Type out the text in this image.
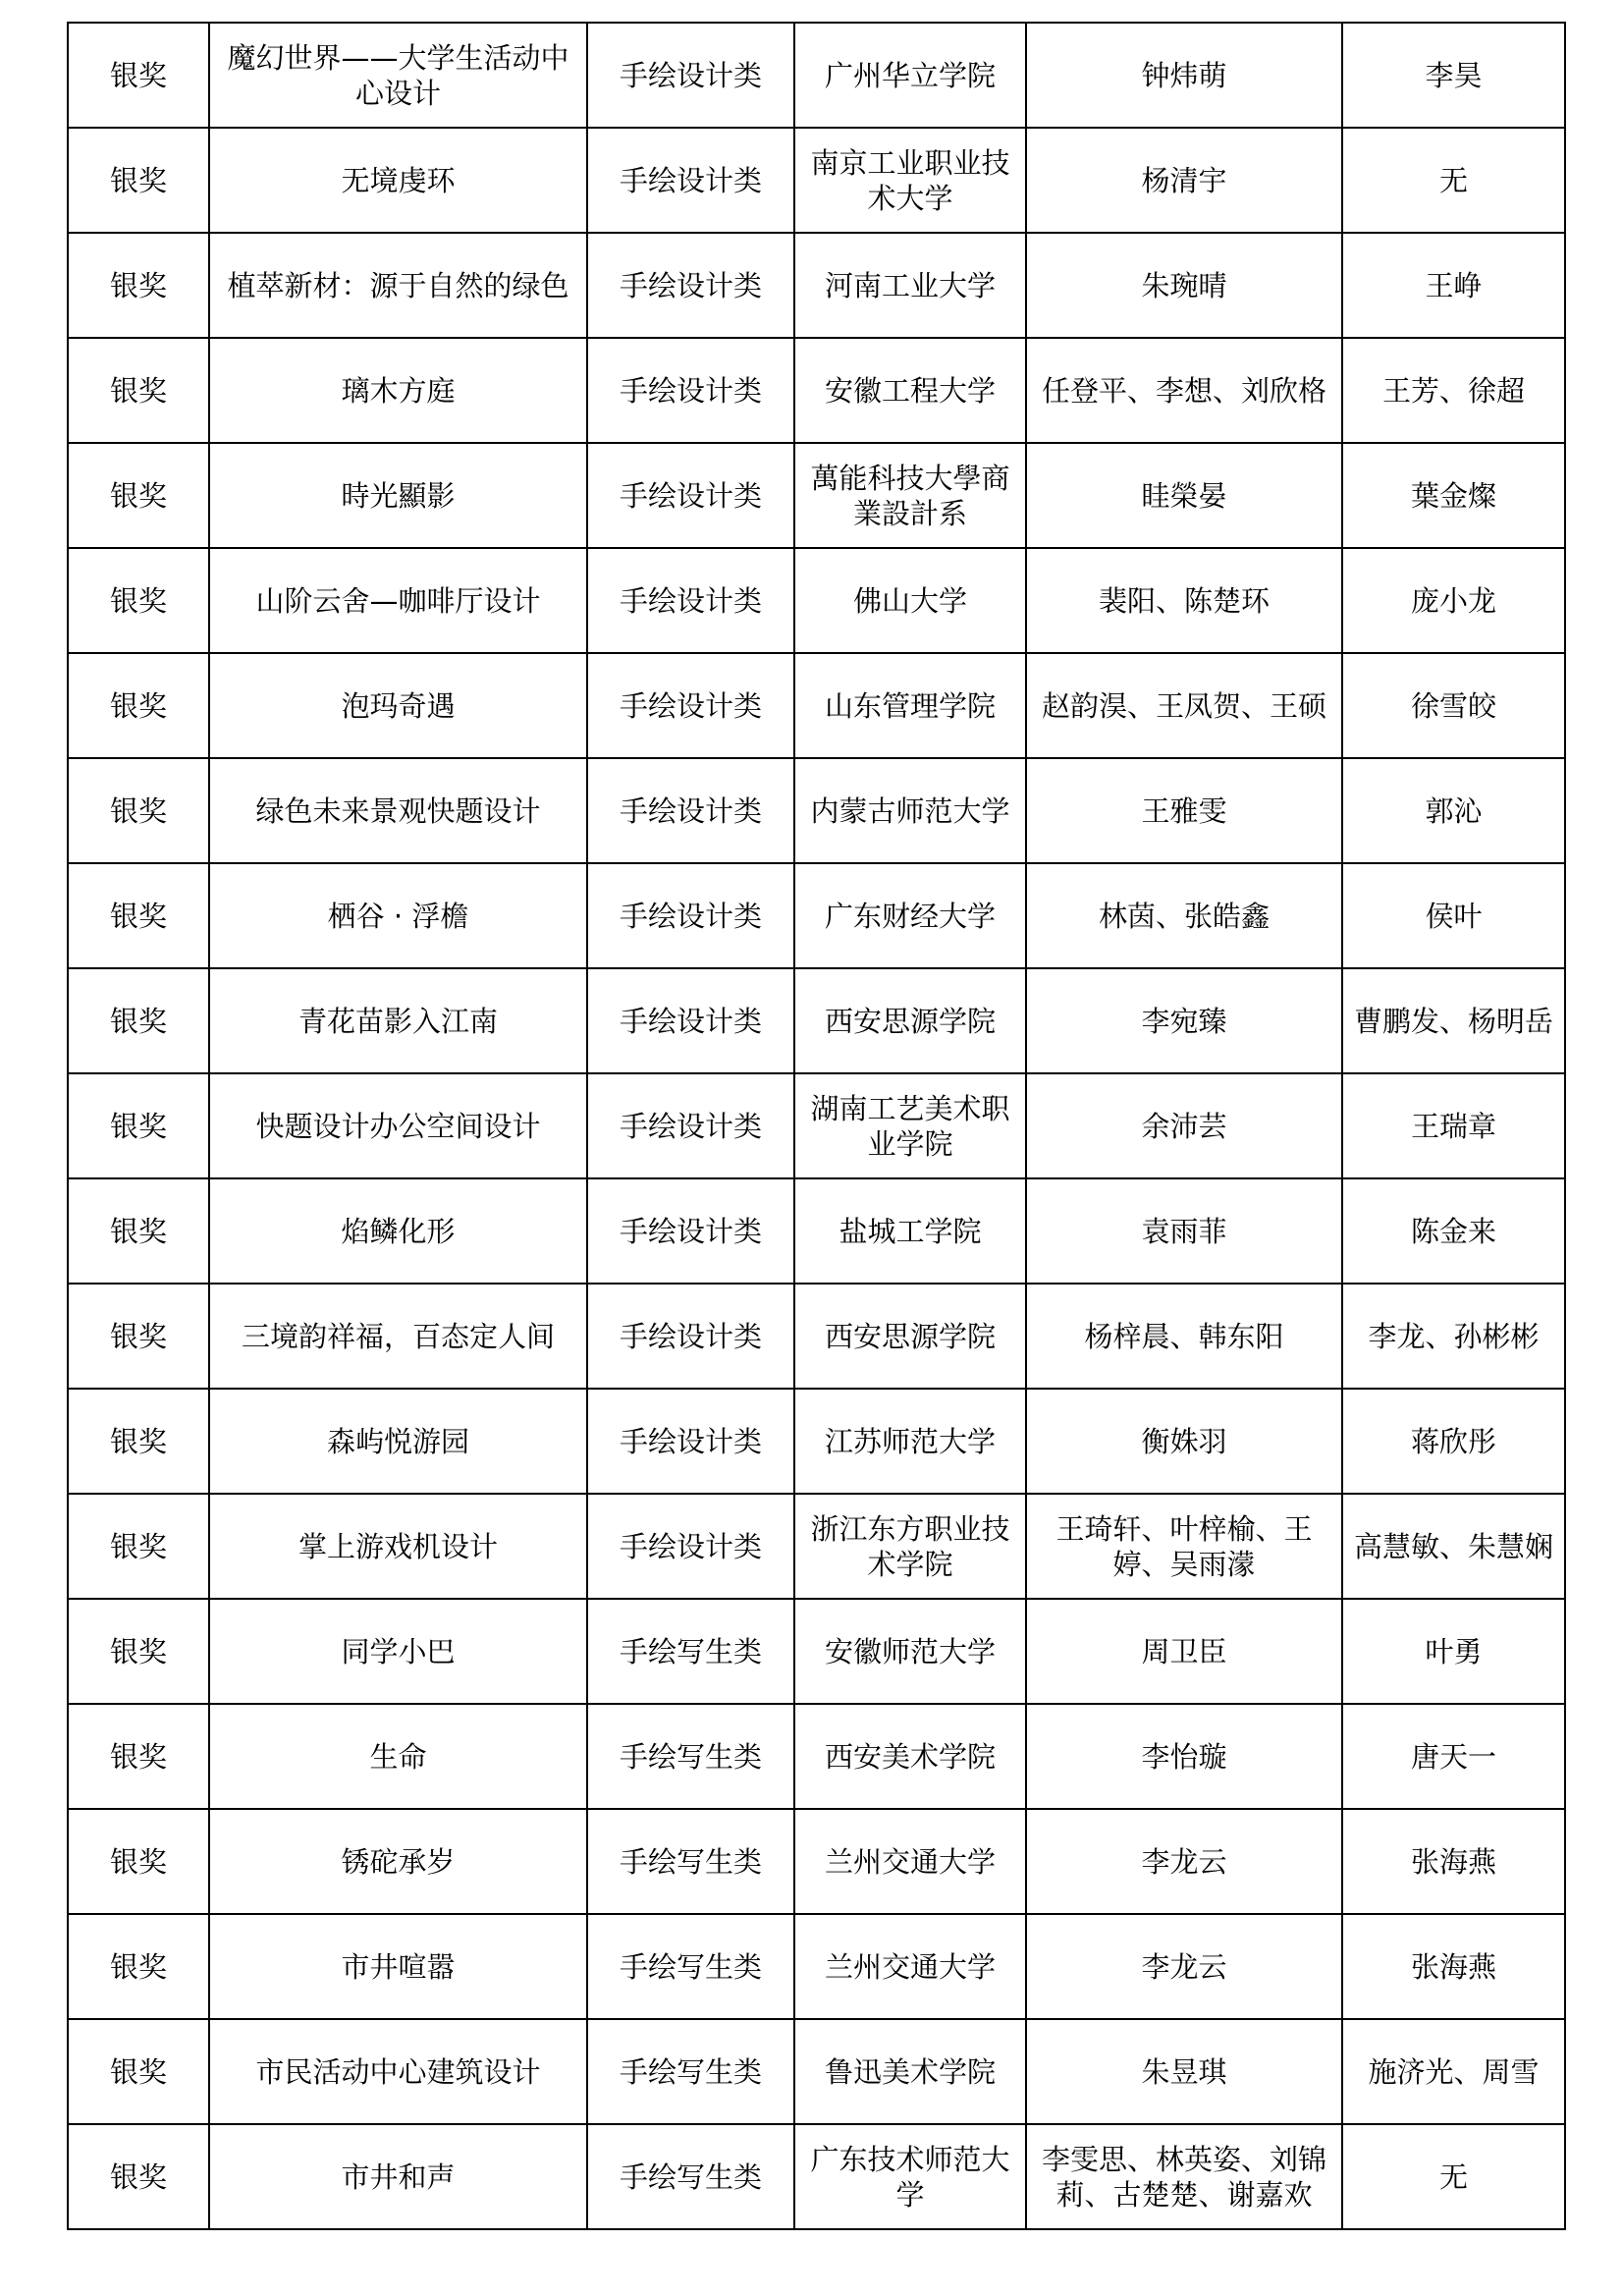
银奖	魔幻世界——大学生活动中心设计	手绘设计类	广州华立学院	钟炜萌	李昊
银奖	无境虔环	手绘设计类	南京工业职业技术大学	杨清宇	无
银奖	植萃新材：源于自然的绿色	手绘设计类	河南工业大学	朱琬晴	王峥
银奖	璃木方庭	手绘设计类	安徽工程大学	任登平、李想、刘欣格	王芳、徐超
银奖	時光顯影	手绘设计类	萬能科技大學商業設計系	眭榮晏	葉金燦
银奖	山阶云舍—咖啡厅设计	手绘设计类	佛山大学	裴阳、陈楚环	庞小龙
银奖	泡玛奇遇	手绘设计类	山东管理学院	赵韵淏、王凤贺、王硕	徐雪皎
银奖	绿色未来景观快题设计	手绘设计类	内蒙古师范大学	王雅雯	郭沁
银奖	栖谷 · 浮檐	手绘设计类	广东财经大学	林茵、张皓鑫	侯叶
银奖	青花苗影入江南	手绘设计类	西安思源学院	李宛臻	曹鹏发、杨明岳
银奖	快题设计办公空间设计	手绘设计类	湖南工艺美术职业学院	余沛芸	王瑞章
银奖	焰鳞化形	手绘设计类	盐城工学院	袁雨菲	陈金来
银奖	三境韵祥福，百态定人间	手绘设计类	西安思源学院	杨梓晨、韩东阳	李龙、孙彬彬
银奖	森屿悦游园	手绘设计类	江苏师范大学	衡姝羽	蒋欣彤
银奖	掌上游戏机设计	手绘设计类	浙江东方职业技术学院	王琦轩、叶梓榆、王婷、吴雨濛	高慧敏、朱慧娴
银奖	同学小巴	手绘写生类	安徽师范大学	周卫臣	叶勇
银奖	生命	手绘写生类	西安美术学院	李怡璇	唐天一
银奖	锈砣承岁	手绘写生类	兰州交通大学	李龙云	张海燕
银奖	市井喧嚣	手绘写生类	兰州交通大学	李龙云	张海燕
银奖	市民活动中心建筑设计	手绘写生类	鲁迅美术学院	朱昱琪	施济光、周雪
银奖	市井和声	手绘写生类	广东技术师范大学	李雯思、林英姿、刘锦莉、古楚楚、谢嘉欢	无
